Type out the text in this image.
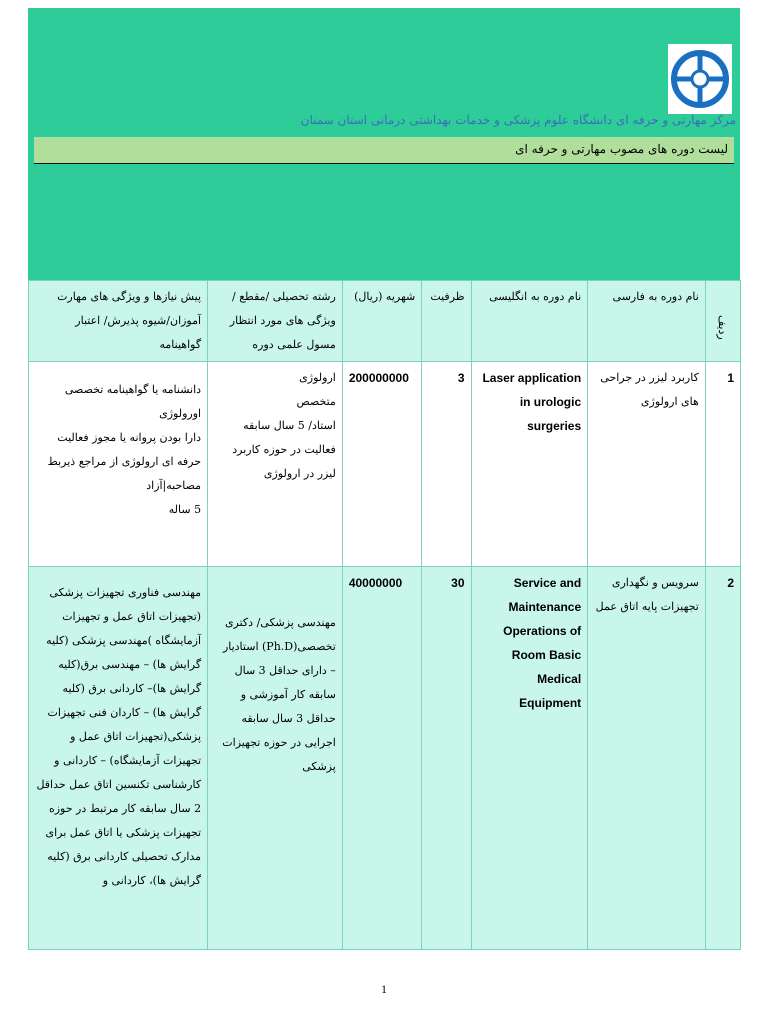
مرکز مهارتی و حرفه ای دانشگاه علوم پزشکی و خدمات بهداشتی درمانی استان سمنان
لیست دوره های مصوب مهارتی و حرفه ای
ردیف	نام دوره به فارسی	نام دوره به انگلیسی	ظرفیت	شهریه (ریال)	رشته تحصیلی /مقطع / ویژگی های مورد انتظار مسول علمی دوره	پیش نیازها و ویژگی های مهارت آموزان/شیوه پذیرش/ اعتبار گواهینامه
1	کاربرد لیزر در جراحی های ارولوژی	Laser application in urologic surgeries	3	200000000	ارولوژی
متخصص
استاد/ 5 سال سابقه فعالیت در حوزه کاربرد لیزر در ارولوژی	دانشنامه یا گواهینامه تخصصی اورولوژی
دارا بودن پروانه یا مجوز فعالیت حرفه ای ارولوژی از مراجع ذیربط
مصاحبه|آزاد
5 ساله
2	سرویس و نگهداری تجهیزات پایه اتاق عمل	Service and Maintenance Operations of Room Basic Medical Equipment	30	40000000	مهندسی پزشکی/ دکتری تخصصی(Ph.D) استادیار – دارای حداقل 3 سال سابقه کار آموزشی و حداقل 3 سال سابقه اجرایی در حوزه تجهیزات پزشکی	مهندسی فناوری تجهیزات پزشکی (تجهیزات اتاق عمل و تجهیزات آزمایشگاه )مهندسی پزشکی (کلیه گرایش ها) – مهندسی برق(کلیه گرایش ها)– کاردانی برق (کلیه گرایش ها) – کاردان فنی تجهیزات پزشکی(تجهیزات اتاق عمل و تجهیزات آزمایشگاه) – کاردانی و کارشناسی تکنسین اتاق عمل حداقل 2 سال سابقه کار مرتبط در حوزه تجهیزات پزشکی یا اتاق عمل برای مدارک تحصیلی کاردانی برق (کلیه گرایش ها)، کاردانی و
1
